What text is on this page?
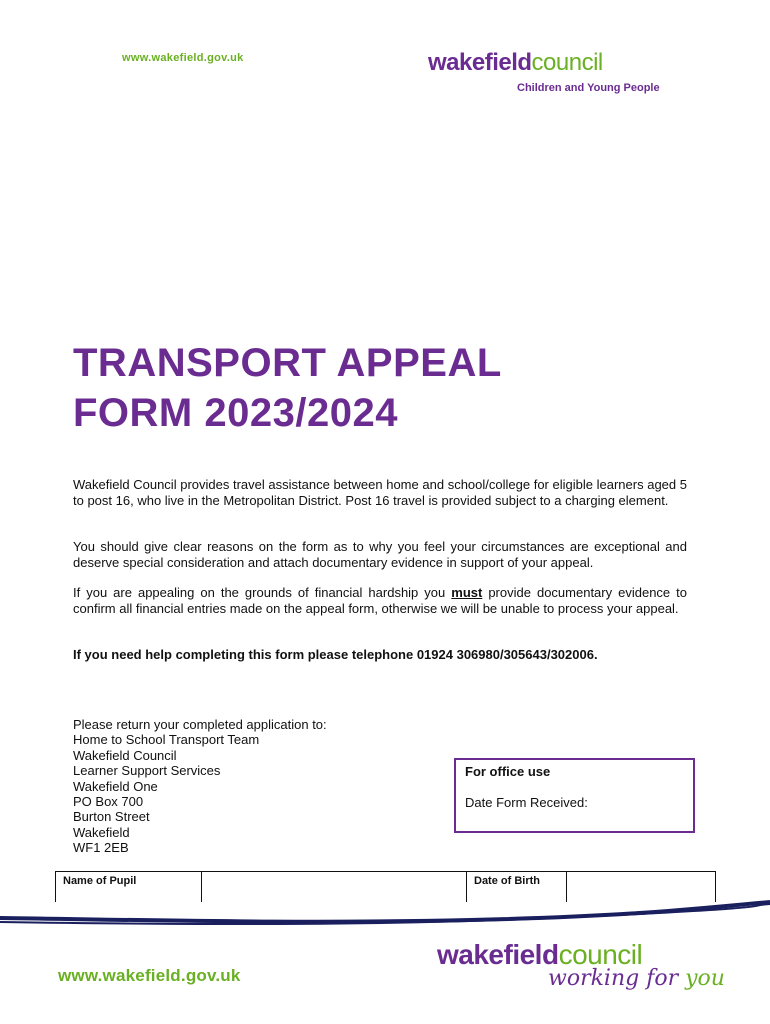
www.wakefield.gov.uk	wakefieldcouncil
Children and Young People
TRANSPORT APPEAL
FORM 2023/2024
Wakefield Council provides travel assistance between home and school/college for eligible learners aged 5 to post 16, who live in the Metropolitan District. Post 16 travel is provided subject to a charging element.
You should give clear reasons on the form as to why you feel your circumstances are exceptional and deserve special consideration and attach documentary evidence in support of your appeal.
If you are appealing on the grounds of financial hardship you must provide documentary evidence to confirm all financial entries made on the appeal form, otherwise we will be unable to process your appeal.
If you need help completing this form please telephone 01924 306980/305643/302006.
Please return your completed application to:
Home to School Transport Team
Wakefield Council
Learner Support Services
Wakefield One
PO Box 700
Burton Street
Wakefield
WF1 2EB
For office use
Date Form Received:
Name of Pupil	Date of Birth
www.wakefield.gov.uk
wakefieldcouncil
working for you
